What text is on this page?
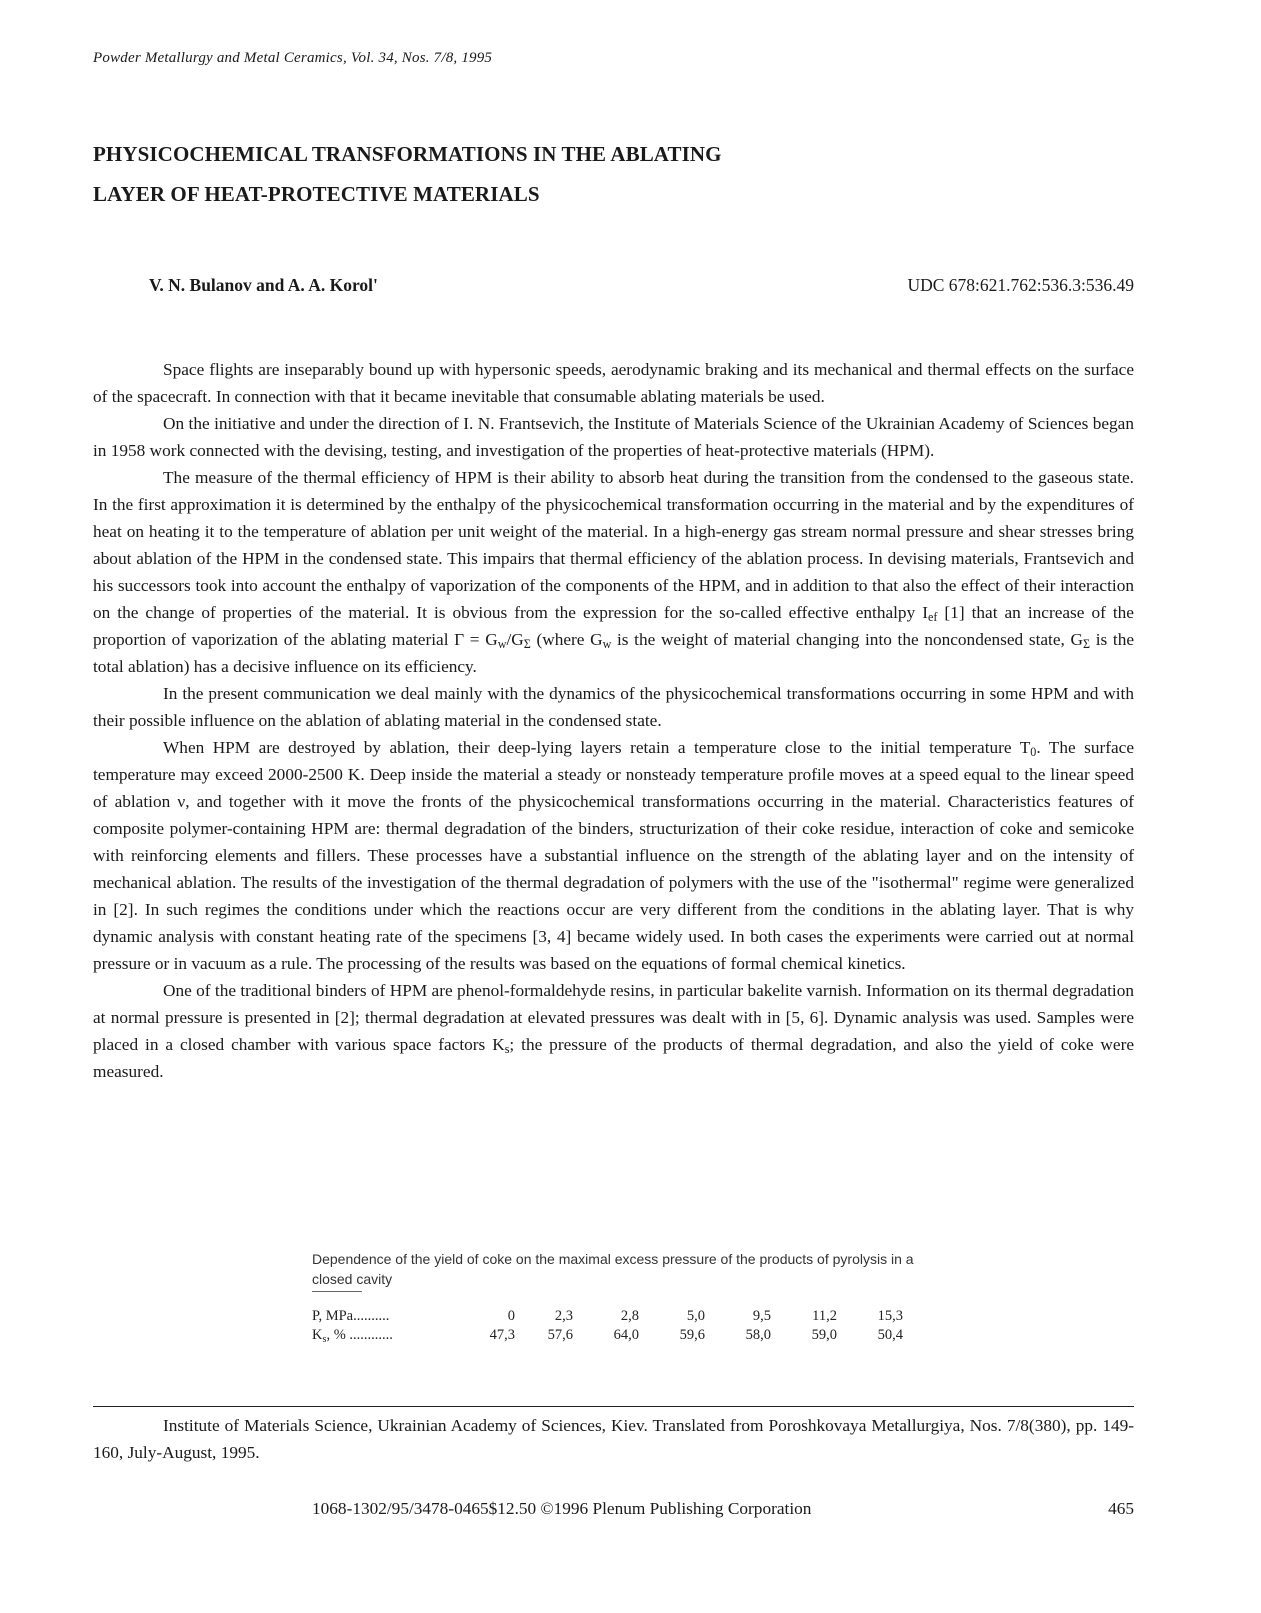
Powder Metallurgy and Metal Ceramics, Vol. 34, Nos. 7/8, 1995
PHYSICOCHEMICAL TRANSFORMATIONS IN THE ABLATING
LAYER OF HEAT-PROTECTIVE MATERIALS
V. N. Bulanov and A. A. Korol'	UDC 678:621.762:536.3:536.49

Space flights are inseparably bound up with hypersonic speeds, aerodynamic braking and its mechanical and thermal effects on the surface of the spacecraft. In connection with that it became inevitable that consumable ablating materials be used.

On the initiative and under the direction of I. N. Frantsevich, the Institute of Materials Science of the Ukrainian Academy of Sciences began in 1958 work connected with the devising, testing, and investigation of the properties of heat-protective materials (HPM).

The measure of the thermal efficiency of HPM is their ability to absorb heat during the transition from the condensed to the gaseous state. In the first approximation it is determined by the enthalpy of the physicochemical transformation occurring in the material and by the expenditures of heat on heating it to the temperature of ablation per unit weight of the material. In a high-energy gas stream normal pressure and shear stresses bring about ablation of the HPM in the condensed state. This impairs that thermal efficiency of the ablation process. In devising materials, Frantsevich and his successors took into account the enthalpy of vaporization of the components of the HPM, and in addition to that also the effect of their interaction on the change of properties of the material. It is obvious from the expression for the so-called effective enthalpy $I_{ef}$ [1] that an increase of the proportion of vaporization of the ablating material $\Gamma = G_w/G_\Sigma$ (where $G_w$ is the weight of material changing into the noncondensed state, $G_\Sigma$ is the total ablation) has a decisive influence on its efficiency.

In the present communication we deal mainly with the dynamics of the physicochemical transformations occurring in some HPM and with their possible influence on the ablation of ablating material in the condensed state.

When HPM are destroyed by ablation, their deep-lying layers retain a temperature close to the initial temperature $T_0$. The surface temperature may exceed 2000-2500 K. Deep inside the material a steady or nonsteady temperature profile moves at a speed equal to the linear speed of ablation ν, and together with it move the fronts of the physicochemical transformations occurring in the material. Characteristics features of composite polymer-containing HPM are: thermal degradation of the binders, structurization of their coke residue, interaction of coke and semicoke with reinforcing elements and fillers. These processes have a substantial influence on the strength of the ablating layer and on the intensity of mechanical ablation. The results of the investigation of the thermal degradation of polymers with the use of the "isothermal" regime were generalized in [2]. In such regimes the conditions under which the reactions occur are very different from the conditions in the ablating layer. That is why dynamic analysis with constant heating rate of the specimens [3, 4] became widely used. In both cases the experiments were carried out at normal pressure or in vacuum as a rule. The processing of the results was based on the equations of formal chemical kinetics.

One of the traditional binders of HPM are phenol-formaldehyde resins, in particular bakelite varnish. Information on its thermal degradation at normal pressure is presented in [2]; thermal degradation at elevated pressures was dealt with in [5, 6]. Dynamic analysis was used. Samples were placed in a closed chamber with various space factors $K_s$; the pressure of the products of thermal degradation, and also the yield of coke were measured.

Dependence of the yield of coke on the maximal excess pressure of the products of pyrolysis in a closed cavity
P, MPa..........	0	2,3	2,8	5,0	9,5	11,2	15,3
$K_s$, % ............	47,3	57,6	64,0	59,6	58,0	59,0	50,4

Institute of Materials Science, Ukrainian Academy of Sciences, Kiev. Translated from Poroshkovaya Metallurgiya, Nos. 7/8(380), pp. 149-160, July-August, 1995.

1068-1302/95/3478-0465$12.50 ©1996 Plenum Publishing Corporation	465
